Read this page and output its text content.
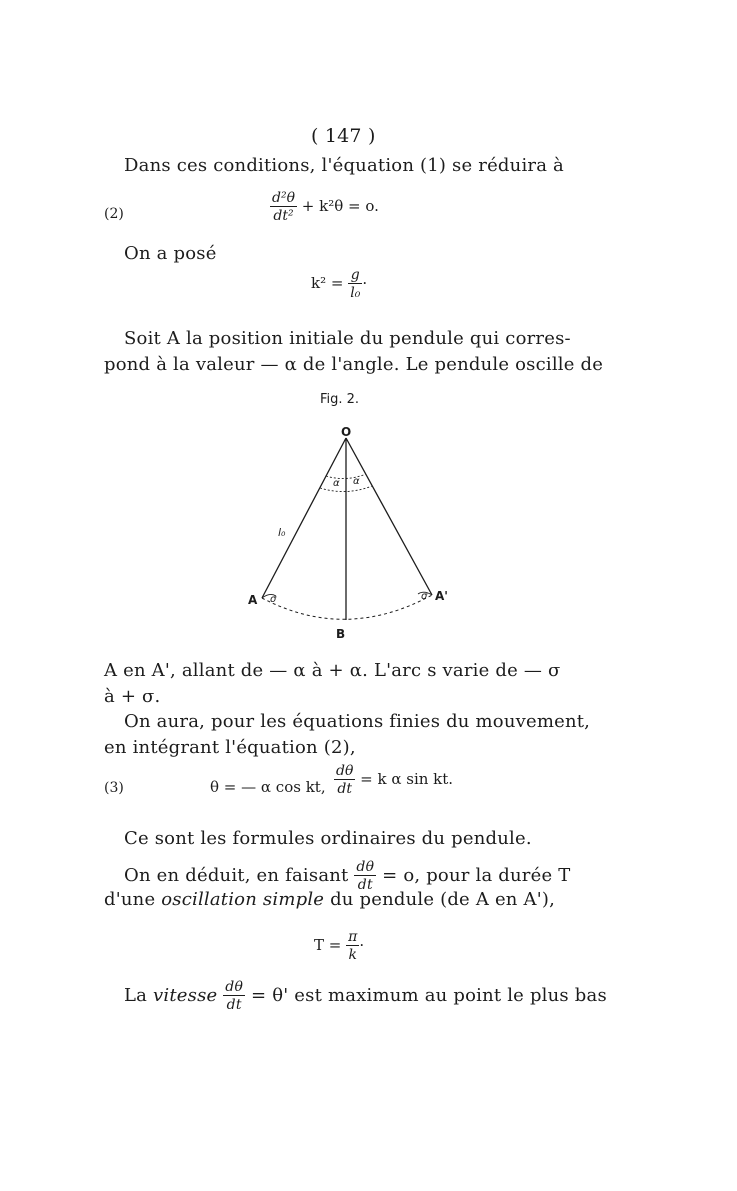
( 147 )
Dans ces conditions, l'équation (1) se réduira à
(2)	$\frac{\text{d²θ}}{\text{dt²}} + k^2\theta = o$.
On a posé
$k^2 = \frac{g}{\text{l₀}}$ ·
Soit A la position initiale du pendule qui corres-
pond à la valeur — α de l'angle. Le pendule oscille de
Fig. 2.
O
A	A'
B
l₀
α α
σ	σ
A en A', allant de — α à + α. L'arc s varie de — σ
à + σ.
On aura, pour les équations finies du mouvement,
en intégrant l'équation (2),
(3)	θ = — α cos kt, $\frac{d\theta}{dt} = k$ α sin kt.
Ce sont les formules ordinaires du pendule.
On en déduit, en faisant $\frac{d\theta}{dt} = o$, pour la durée T
d'une oscillation simple du pendule (de A en A'),
$T = \frac{\pi}{k}$ ·
La vitesse $\frac{d\theta}{dt} = \theta'$ est maximum au point le plus bas
